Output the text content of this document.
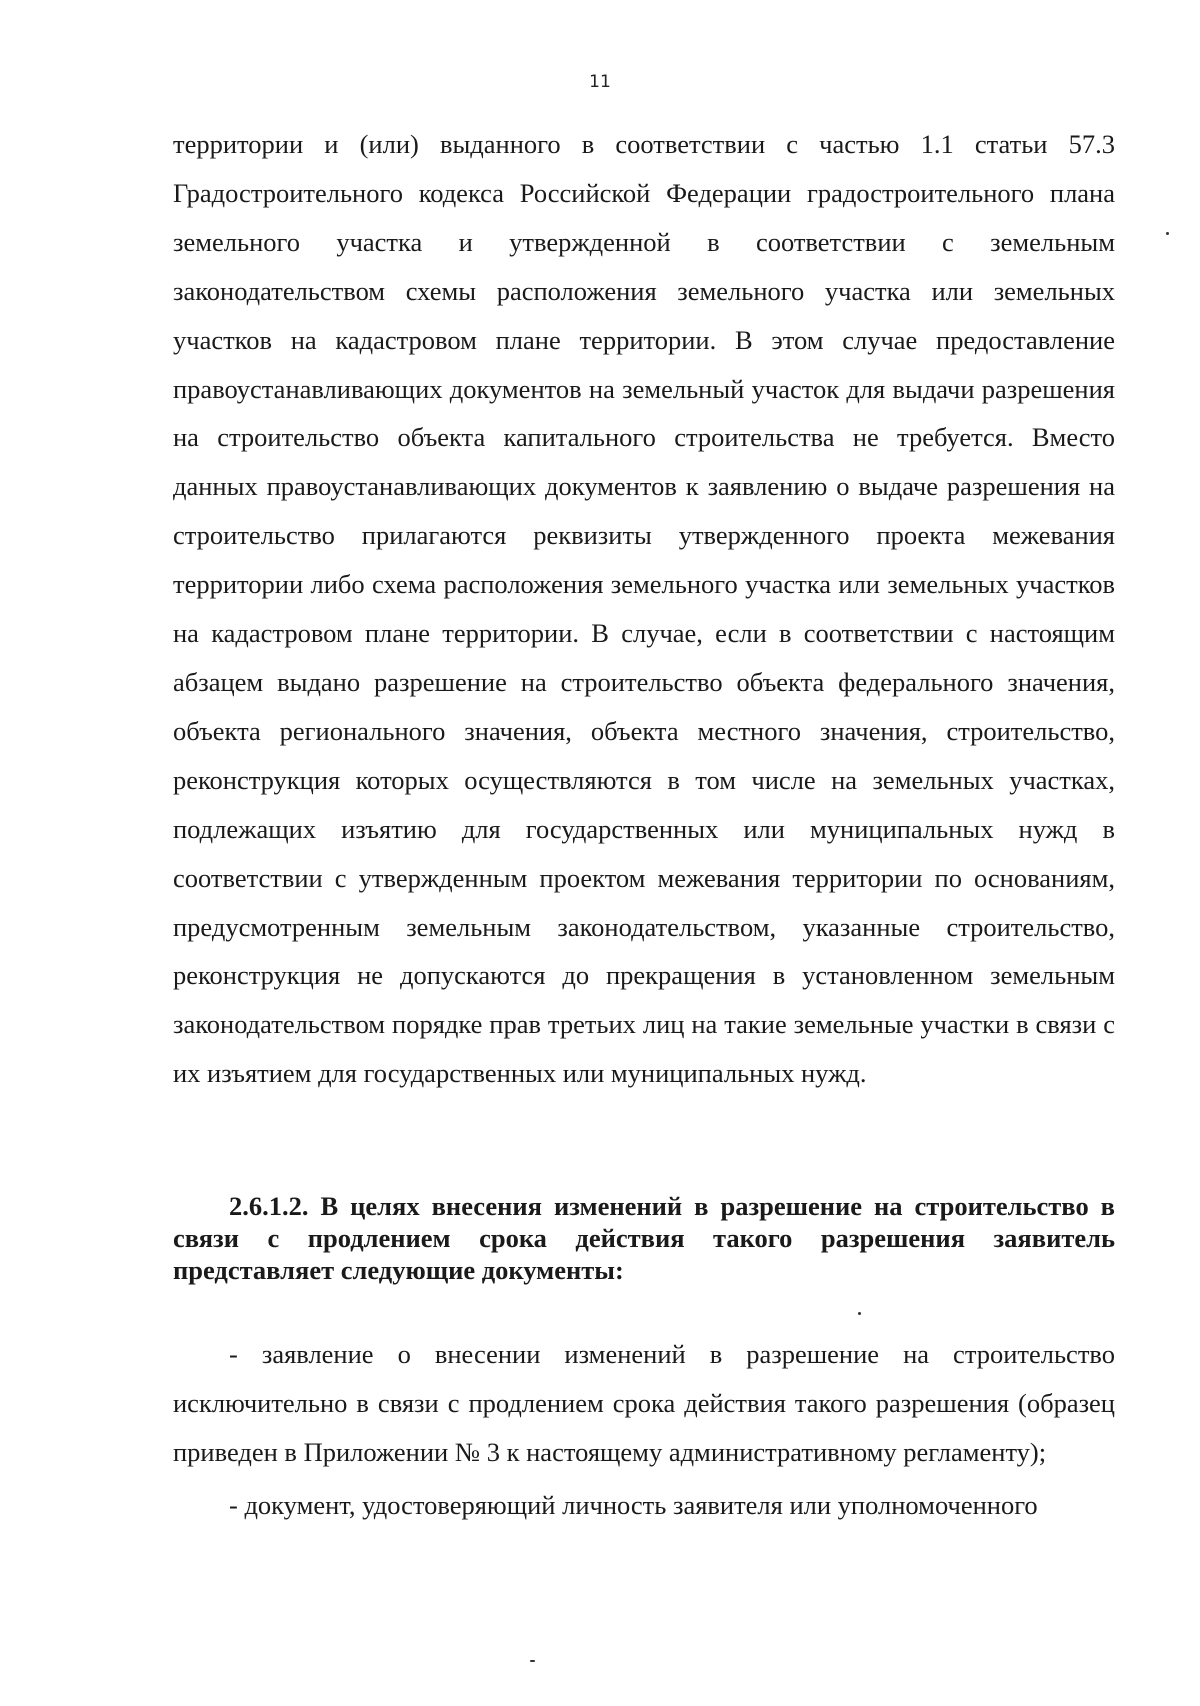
11
территории и (или) выданного в соответствии с частью 1.1 статьи 57.3 Градостроительного кодекса Российской Федерации градостроительного плана земельного участка и утвержденной в соответствии с земельным законодательством схемы расположения земельного участка или земельных участков на кадастровом плане территории. В этом случае предоставление правоустанавливающих документов на земельный участок для выдачи разрешения на строительство объекта капитального строительства не требуется. Вместо данных правоустанавливающих документов к заявлению о выдаче разрешения на строительство прилагаются реквизиты утвержденного проекта межевания территории либо схема расположения земельного участка или земельных участков на кадастровом плане территории. В случае, если в соответствии с настоящим абзацем выдано разрешение на строительство объекта федерального значения, объекта регионального значения, объекта местного значения, строительство, реконструкция которых осуществляются в том числе на земельных участках, подлежащих изъятию для государственных или муниципальных нужд в соответствии с утвержденным проектом межевания территории по основаниям, предусмотренным земельным законодательством, указанные строительство, реконструкция не допускаются до прекращения в установленном земельным законодательством порядке прав третьих лиц на такие земельные участки в связи с их изъятием для государственных или муниципальных нужд.
2.6.1.2. В целях внесения изменений в разрешение на строительство в связи с продлением срока действия такого разрешения заявитель представляет следующие документы:

- заявление о внесении изменений в разрешение на строительство исключительно в связи с продлением срока действия такого разрешения (образец приведен в Приложении № 3 к настоящему административному регламенту);

- документ, удостоверяющий личность заявителя или уполномоченного
